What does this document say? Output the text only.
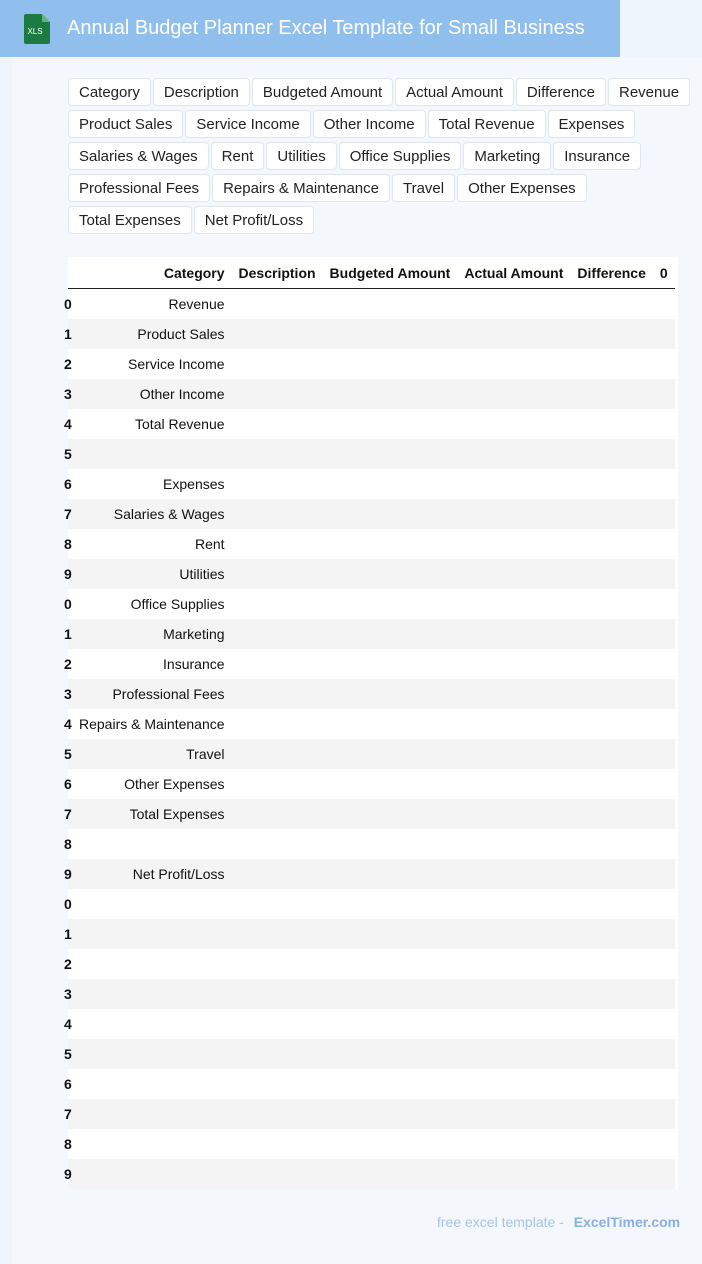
XLS Annual Budget Planner Excel Template for Small Business
Category	Description	Budgeted Amount	Actual Amount	Difference	Revenue
Product Sales	Service Income	Other Income	Total Revenue	Expenses
Salaries & Wages	Rent	Utilities	Office Supplies	Marketing	Insurance
Professional Fees	Repairs & Maintenance	Travel	Other Expenses
Total Expenses	Net Profit/Loss
	Category	Description	Budgeted Amount	Actual Amount	Difference	0
0	Revenue					
1	Product Sales					
2	Service Income					
3	Other Income					
4	Total Revenue					
5						
6	Expenses					
7	Salaries & Wages					
8	Rent					
9	Utilities					
0	Office Supplies					
1	Marketing					
2	Insurance					
3	Professional Fees					
4	Repairs & Maintenance					
5	Travel					
6	Other Expenses					
7	Total Expenses					
8						
9	Net Profit/Loss					
0						
1						
2						
3						
4						
5						
6						
7						
8						
9						
free excel template - ExcelTimer.com
